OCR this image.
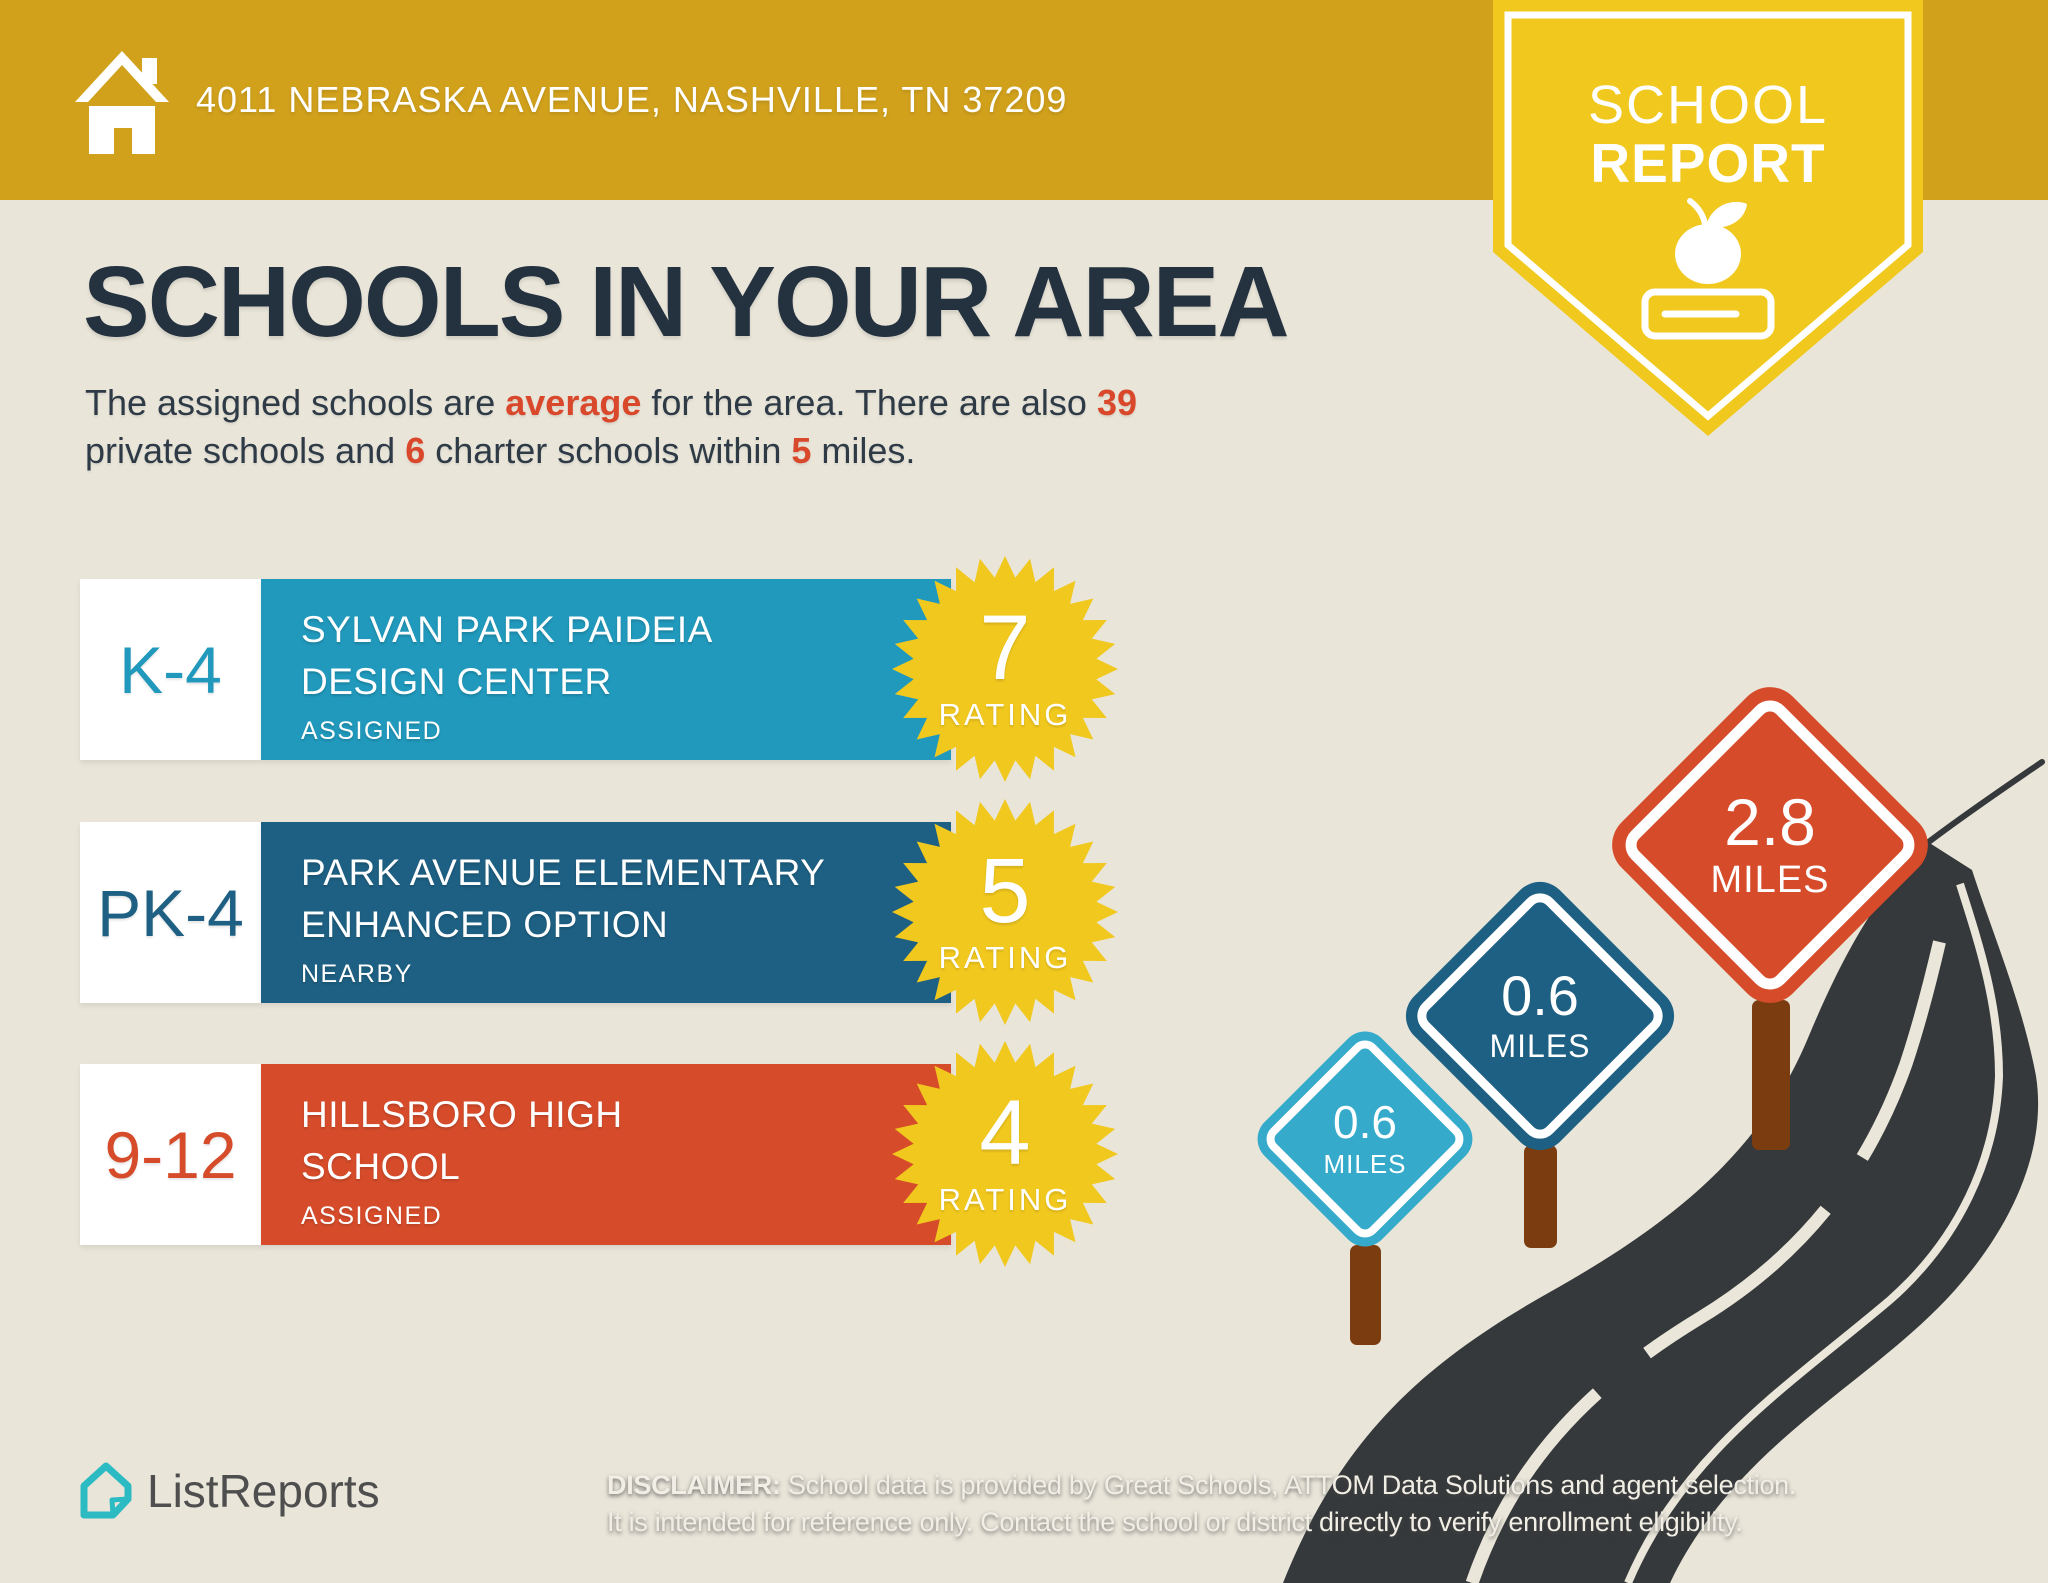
4011 NEBRASKA AVENUE, NASHVILLE, TN 37209	SCHOOL
REPORT
SCHOOLS IN YOUR AREA
The assigned schools are average for the area. There are also 39
private schools and 6 charter schools within 5 miles.
K-4
SYLVAN PARK PAIDEIA
DESIGN CENTER
ASSIGNED
7
RATING
PK-4
PARK AVENUE ELEMENTARY
ENHANCED OPTION
NEARBY
5
RATING
9-12
HILLSBORO HIGH
SCHOOL
ASSIGNED
4
RATING
2.8
MILES
0.6
MILES
0.6
MILES
ListReports	DISCLAIMER: School data is provided by Great Schools, ATTOM Data Solutions and agent selection.
It is intended for reference only. Contact the school or district directly to verify enrollment eligibility.
